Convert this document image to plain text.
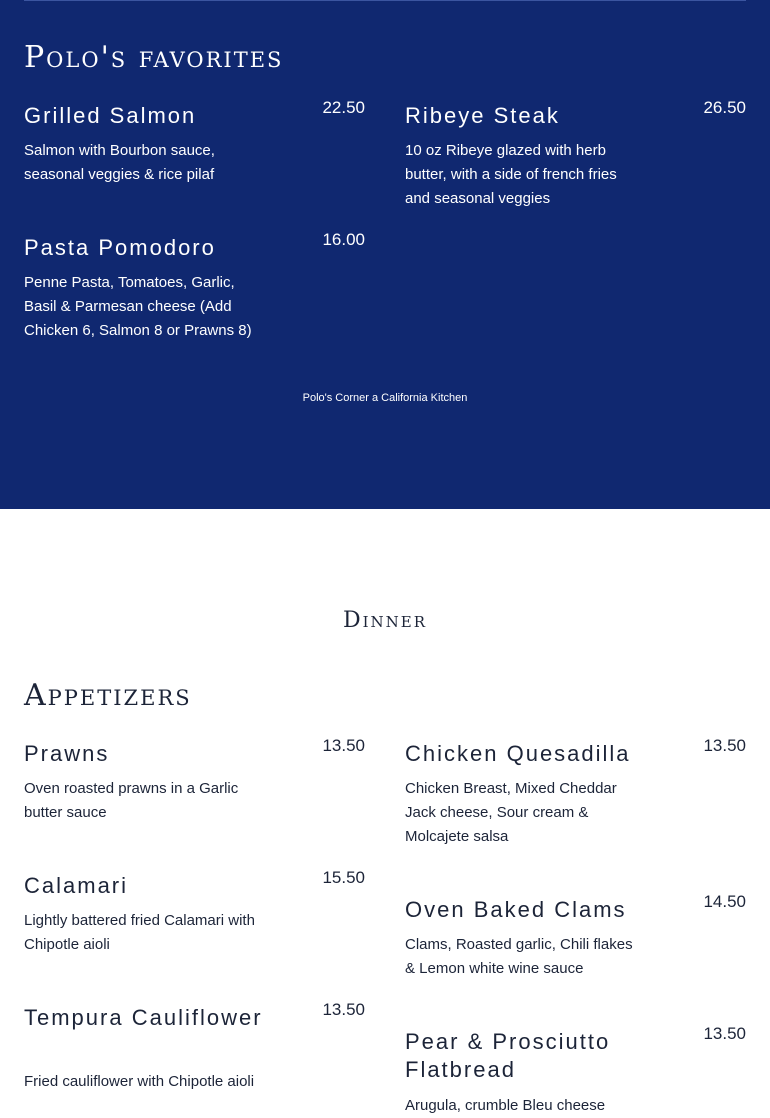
Polo's favorites
Grilled Salmon	22.50

Salmon with Bourbon sauce, seasonal veggies & rice pilaf

Ribeye Steak	26.50

10 oz Ribeye glazed with herb butter, with a side of french fries and seasonal veggies

Pasta Pomodoro	16.00

Penne Pasta, Tomatoes, Garlic, Basil & Parmesan cheese (Add Chicken 6, Salmon 8 or Prawns 8)

Polo's Corner a California Kitchen
Dinner
Appetizers
Prawns	13.50

Oven roasted prawns in a Garlic butter sauce

Chicken Quesadilla	13.50

Chicken Breast, Mixed Cheddar Jack cheese, Sour cream & Molcajete salsa

Calamari	15.50

Lightly battered fried Calamari with Chipotle aioli

Oven Baked Clams	14.50

Clams, Roasted garlic, Chili flakes & Lemon white wine sauce

Tempura Cauliflower	13.50

Fried cauliflower with Chipotle aioli

Pear & Prosciutto Flatbread
13.50

Arugula, crumble Bleu cheese
